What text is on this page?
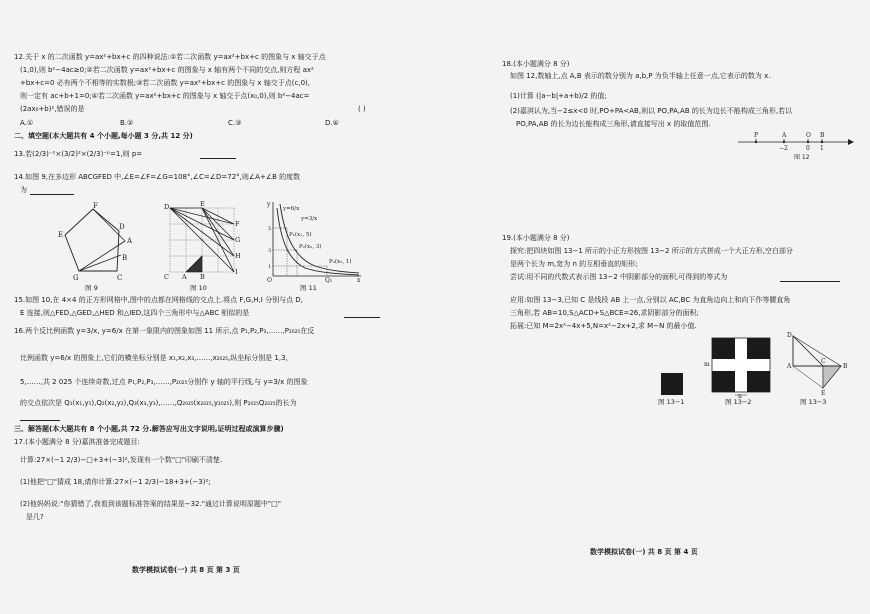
12.关于 x 的二次函数 y=ax²+bx+c 的四种说法:①若二次函数 y=ax²+bx+c 的图象与 x 轴交于点
(1,0),则 b²−4ac≥0;②若二次函数 y=ax²+bx+c 的图象与 x 轴有两个不同的交点,则方程 ax²
+bx+c=0 必有两个不相等的实数根;③若二次函数 y=ax²+bx+c 的图象与 x 轴交于点(c,0),
则一定有 ac+b+1=0;④若二次函数 y=ax²+bx+c 的图象与 x 轴交于点(x₀,0),则 b²−4ac=
(2ax₀+b)²,错误的是	( )
A.①	B.②	C.③	D.④
二、填空题(本大题共有 4 个小题,每小题 3 分,共 12 分)
13.若(2/3)⁻²×(3/2)²×(2/3)⁻ᵖ=1,则 p=
14.如图 9,在多边形 ABCGFED 中,∠E=∠F=∠G=108°,∠C=∠D=72°,则∠A+∠B 的度数
为
F
E
G
D
C
B
A
图 9
D	E
F
G
H
I
C A B
图 10
y
y=6/x
y=3/x
P₁(x₁, 5)
P₂(x₂, 3)
P₃(x₃, 1)
O	Q₁	x
1
3
5
图 11
15.如图 10,在 4×4 的正方形网格中,图中的点都在网格线的交点上.将点 F,G,H,I 分别与点 D,
E 连接,则△FED,△GED,△HED 和△IED,这四个三角形中与△ABC 相似的是
16.两个反比例函数 y=3/x, y=6/x 在第一象限内的图象如图 11 所示,点 P₁,P₂,P₃,……,P₂₀₂₅在反
比例函数 y=6/x 的图象上,它们的横坐标分别是 x₁,x₂,x₃,……,x₂₀₂₅,纵坐标分别是 1,3,
5,……,共 2 025 个连续奇数,过点 P₁,P₂,P₃,……,P₂₀₂₅分别作 y 轴的平行线,与 y=3/x 的图象
的交点依次是 Q₁(x₁,y₁),Q₂(x₂,y₂),Q₃(x₃,y₃),……,Q₂₀₂₅(x₂₀₂₅,y₂₀₂₅),则 P₂₀₂₅Q₂₀₂₅的长为
三、解答题(本大题共有 8 个小题,共 72 分.解答应写出文字说明,证明过程或演算步骤)
17.(本小题满分 8 分)嘉淇准备完成题目:
计算:27×(−1 2/3)−□+3+(−3)²,发现有一个数"□"印刷不清楚.
(1)他把"□"猜成 18,请你计算:27×(−1 2/3)−18+3+(−3)²;
(2)他妈妈说:"你猜错了,我看到该题标准答案的结果是−32."通过计算说明原题中"□"
是几?
数学模拟试卷(一) 共 8 页 第 3 页
18.(本小题满分 8 分)
如图 12,数轴上,点 A,B 表示的数分别为 a,b,P 为负半轴上任意一点,它表示的数为 x.
(1)计算 (|a−b|+a+b)/2 的值;
(2)嘉淇认为,当−2≤x<0 时,PO+PA<AB,则以 PO,PA,AB 的长为边长不能构成三角形,若以
PO,PA,AB 的长为边长能构成三角形,请直接写出 x 的取值范围.
P	A	O B
−2	0 1
图 12
19.(本小题满分 8 分)
探究:把四块如图 13−1 所示的小正方形按图 13−2 所示的方式拼成一个大正方形,空白部分
是两个长为 m,宽为 n 的互相垂直的矩形;
尝试:用不同的代数式表示图 13−2 中阴影部分的面积,可得到的等式为
应用:如图 13−3,已知 C 是线段 AB 上一点,分别以 AC,BC 为直角边向上和向下作等腰直角
三角形,若 AB=10,S△ACD+S△BCE=26,求阴影部分的面积;
拓展:已知 M=2x²−4x+5,N=x²−2x+2,求 M−N 的最小值.
图 13−1
m
n
图 13−2
D
A
C
B
E
图 13−3
数学模拟试卷(一) 共 8 页 第 4 页
